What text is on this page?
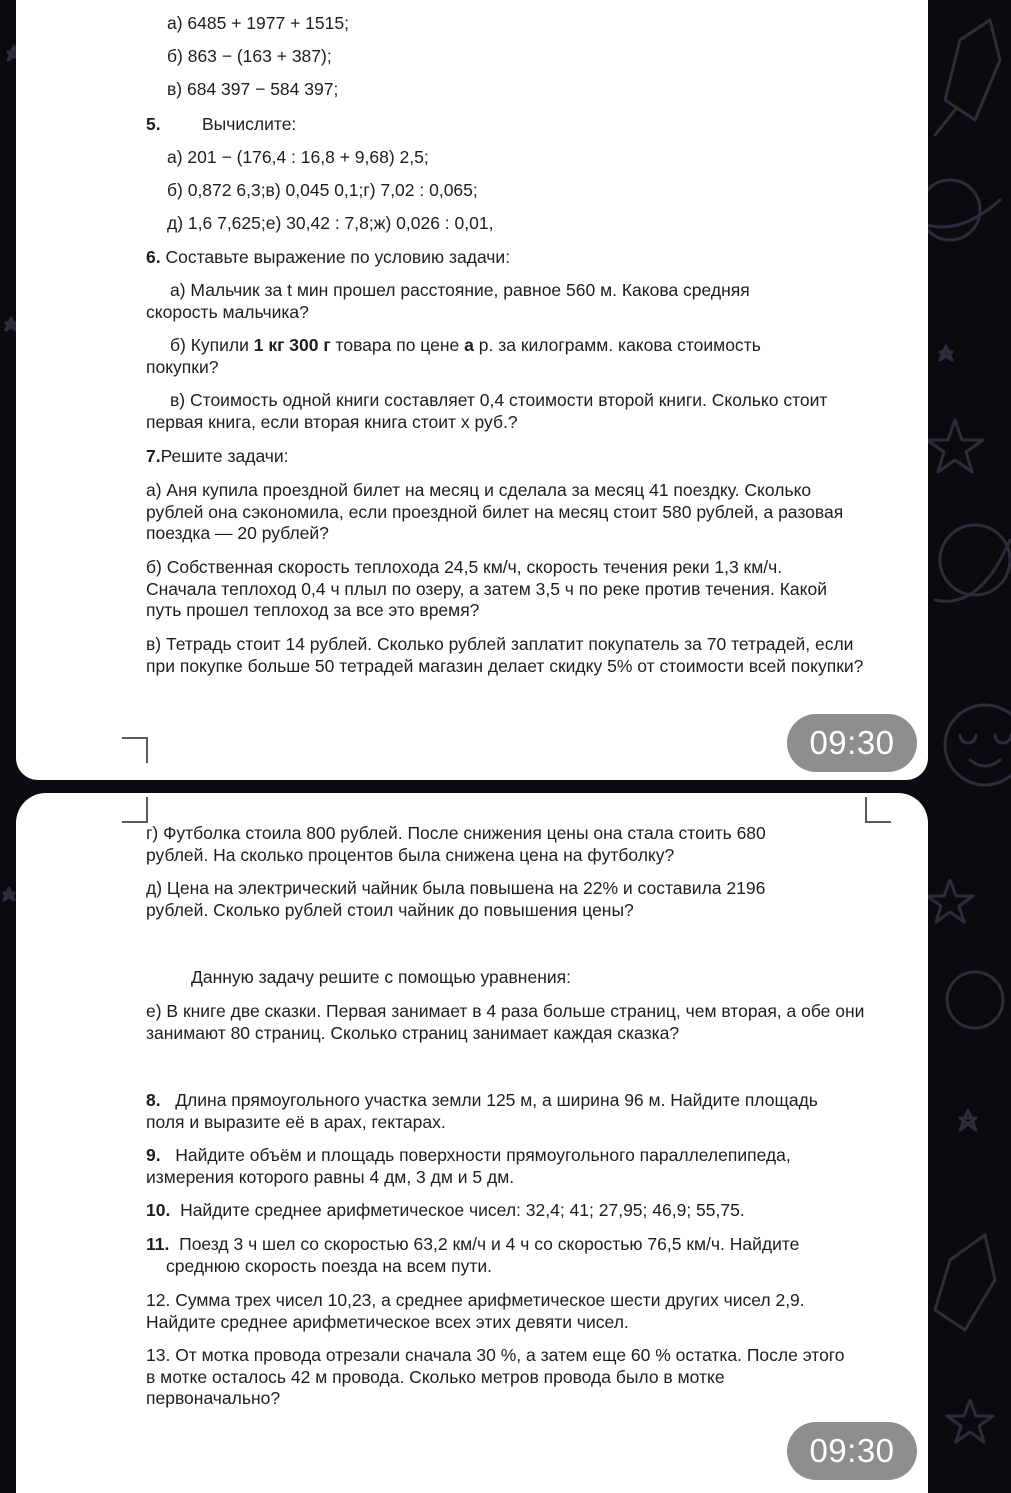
а) 6485 + 1977 + 1515;

б) 863 − (163 + 387);

в) 684 397 − 584 397;

5. Вычислите:

а) 201 − (176,4 : 16,8 + 9,68) 2,5;

б) 0,872 6,3;в) 0,045 0,1;г) 7,02 : 0,065;

д) 1,6 7,625;е) 30,42 : 7,8;ж) 0,026 : 0,01,

6. Составьте выражение по условию задачи:

а) Мальчик за t мин прошел расстояние, равное 560 м. Какова средняя скорость мальчика?

б) Купили 1 кг 300 г товара по цене а р. за килограмм. какова стоимость покупки?

в) Стоимость одной книги составляет 0,4 стоимости второй книги. Сколько стоит первая книга, если вторая книга стоит х руб.?

7.Решите задачи:

а) Аня купила проездной билет на месяц и сделала за месяц 41 поездку. Сколько рублей она сэкономила, если проездной билет на месяц стоит 580 рублей, а разовая поездка — 20 рублей?

б) Собственная скорость теплохода 24,5 км/ч, скорость течения реки 1,3 км/ч. Сначала теплоход 0,4 ч плыл по озеру, а затем 3,5 ч по реке против течения. Какой путь прошел теплоход за все это время?

в) Тетрадь стоит 14 рублей. Сколько рублей заплатит покупатель за 70 тетрадей, если при покупке больше 50 тетрадей магазин делает скидку 5% от стоимости всей покупки?

09:30

г) Футболка стоила 800 рублей. После снижения цены она стала стоить 680 рублей. На сколько процентов была снижена цена на футболку?

д) Цена на электрический чайник была повышена на 22% и составила 2196 рублей. Сколько рублей стоил чайник до повышения цены?

Данную задачу решите с помощью уравнения:

е) В книге две сказки. Первая занимает в 4 раза больше страниц, чем вторая, а обе они занимают 80 страниц. Сколько страниц занимает каждая сказка?

8. Длина прямоугольного участка земли 125 м, а ширина 96 м. Найдите площадь поля и выразите её в арах, гектарах.

9. Найдите объём и площадь поверхности прямоугольного параллелепипеда, измерения которого равны 4 дм, 3 дм и 5 дм.

10. Найдите среднее арифметическое чисел: 32,4; 41; 27,95; 46,9; 55,75.

11. Поезд 3 ч шел со скоростью 63,2 км/ч и 4 ч со скоростью 76,5 км/ч. Найдите

среднюю скорость поезда на всем пути.

12. Сумма трех чисел 10,23, а среднее арифметическое шести других чисел 2,9. Найдите среднее арифметическое всех этих девяти чисел.

13. От мотка провода отрезали сначала 30 %, а затем еще 60 % остатка. После этого в мотке осталось 42 м провода. Сколько метров провода было в мотке первоначально?

09:30
